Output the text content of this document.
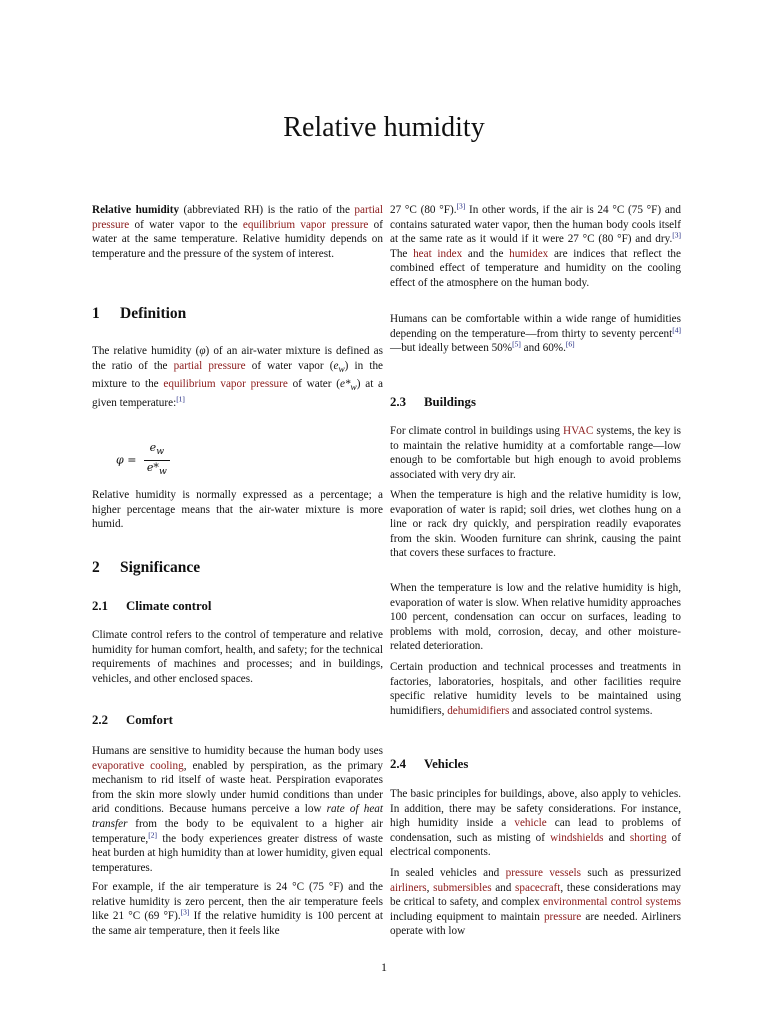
Relative humidity

Relative humidity (abbreviated RH) is the ratio of the partial pressure of water vapor to the equilibrium vapor pressure of water at the same temperature. Relative humidity depends on temperature and the pressure of the system of interest.

1 Definition

The relative humidity (φ) of an air-water mixture is defined as the ratio of the partial pressure of water vapor $(e_w)$ in the mixture to the equilibrium vapor pressure of water $(e*_w)$ at a given temperature:[1]

$\varphi = \frac{e_w}{e*_w}$

Relative humidity is normally expressed as a percentage; a higher percentage means that the air-water mixture is more humid.

2 Significance
2.1 Climate control

Climate control refers to the control of temperature and relative humidity for human comfort, health, and safety; for the technical requirements of machines and processes; and in buildings, vehicles, and other enclosed spaces.

2.2 Comfort

Humans are sensitive to humidity because the human body uses evaporative cooling, enabled by perspiration, as the primary mechanism to rid itself of waste heat. Perspiration evaporates from the skin more slowly under humid conditions than under arid conditions. Because humans perceive a low rate of heat transfer from the body to be equivalent to a higher air temperature,[2] the body experiences greater distress of waste heat burden at high humidity than at lower humidity, given equal temperatures.

For example, if the air temperature is 24 °C (75 °F) and the relative humidity is zero percent, then the air temperature feels like 21 °C (69 °F).[3] If the relative humidity is 100 percent at the same air temperature, then it feels like

27 °C (80 °F).[3] In other words, if the air is 24 °C (75 °F) and contains saturated water vapor, then the human body cools itself at the same rate as it would if it were 27 °C (80 °F) and dry.[3] The heat index and the humidex are indices that reflect the combined effect of temperature and humidity on the cooling effect of the atmosphere on the human body.

Humans can be comfortable within a wide range of humidities depending on the temperature—from thirty to seventy percent[4]—but ideally between 50%[5] and 60%.[6]

2.3 Buildings

For climate control in buildings using HVAC systems, the key is to maintain the relative humidity at a comfortable range—low enough to be comfortable but high enough to avoid problems associated with very dry air.

When the temperature is high and the relative humidity is low, evaporation of water is rapid; soil dries, wet clothes hung on a line or rack dry quickly, and perspiration readily evaporates from the skin. Wooden furniture can shrink, causing the paint that covers these surfaces to fracture.

When the temperature is low and the relative humidity is high, evaporation of water is slow. When relative humidity approaches 100 percent, condensation can occur on surfaces, leading to problems with mold, corrosion, decay, and other moisture-related deterioration.

Certain production and technical processes and treatments in factories, laboratories, hospitals, and other facilities require specific relative humidity levels to be maintained using humidifiers, dehumidifiers and associated control systems.

2.4 Vehicles

The basic principles for buildings, above, also apply to vehicles. In addition, there may be safety considerations. For instance, high humidity inside a vehicle can lead to problems of condensation, such as misting of windshields and shorting of electrical components.

In sealed vehicles and pressure vessels such as pressurized airliners, submersibles and spacecraft, these considerations may be critical to safety, and complex environmental control systems including equipment to maintain pressure are needed. Airliners operate with low

1
